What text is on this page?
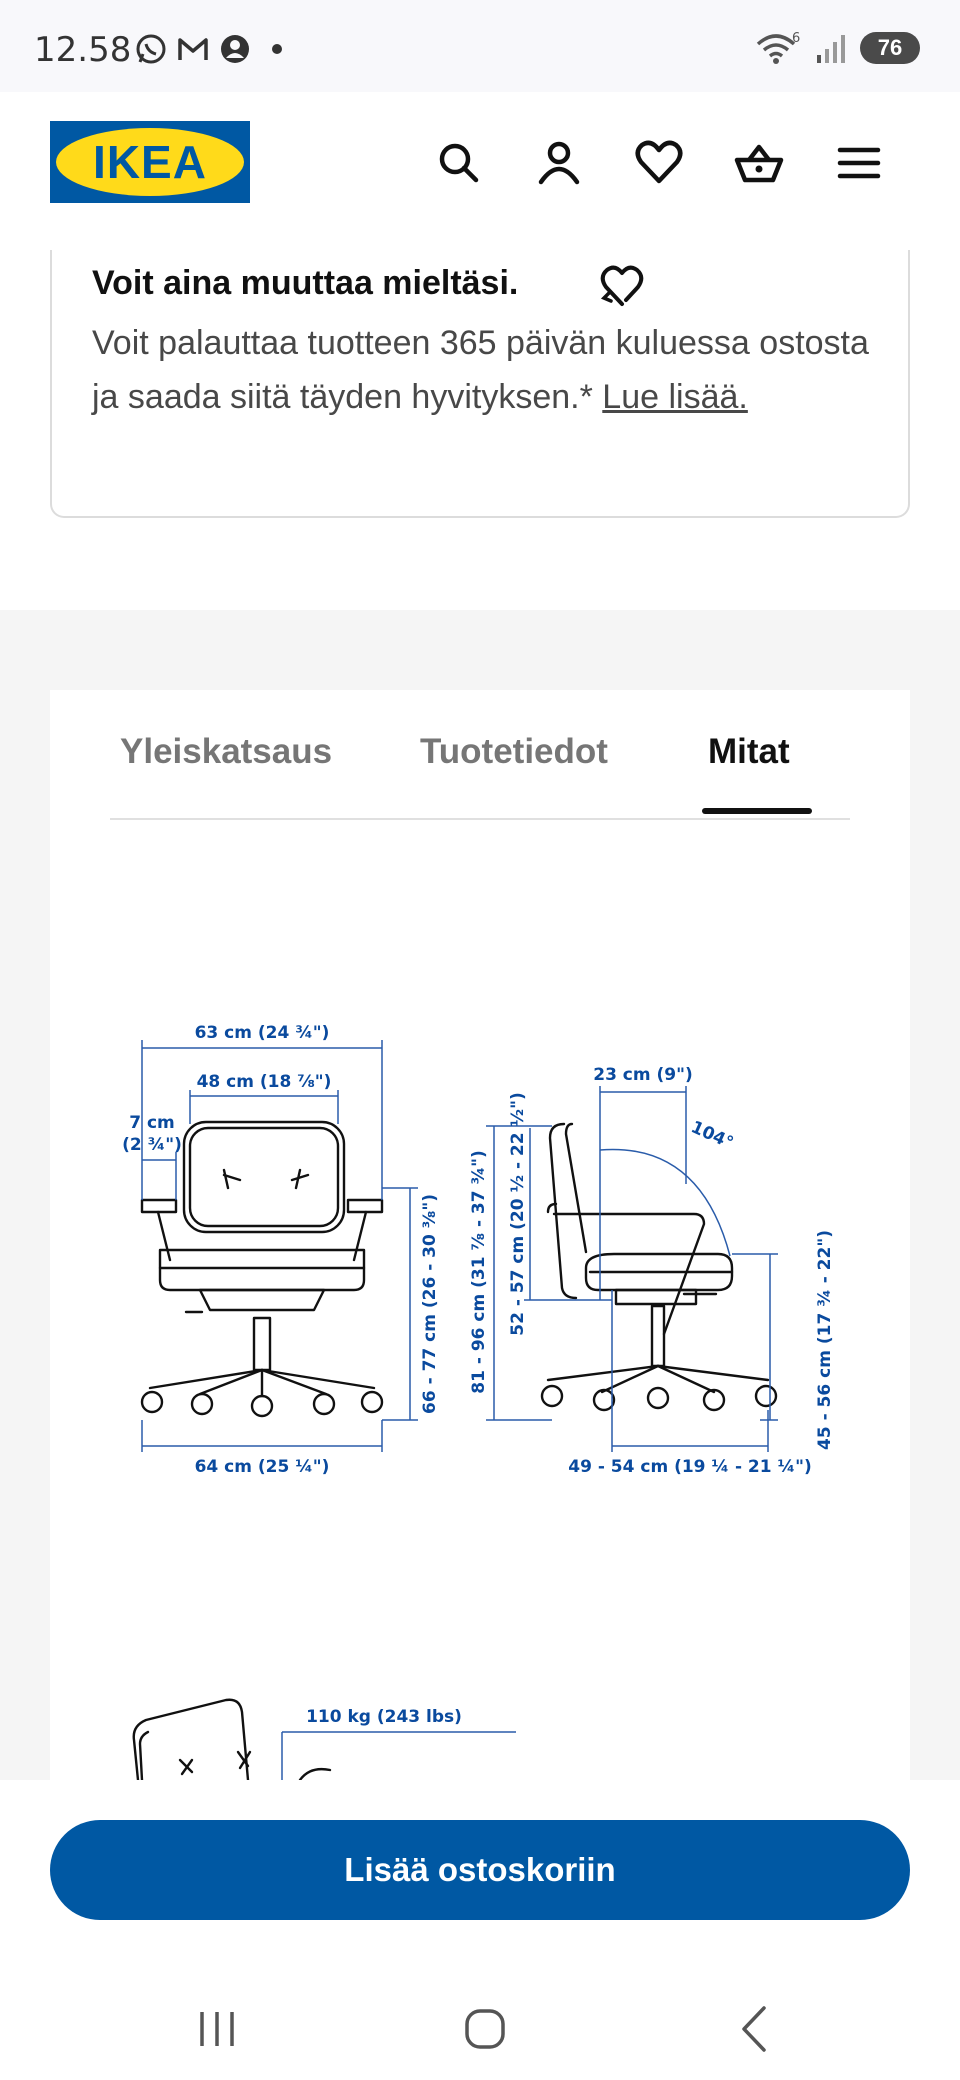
12.58	6	76
IKEA
Voit aina muuttaa mieltäsi.
Voit palauttaa tuotteen 365 päivän kuluessa ostosta ja saada siitä täyden hyvityksen.* Lue lisää.
Yleiskatsaus	Tuotetiedot	Mitat
63 cm (24 ¾")
48 cm (18 ⅞")
7 cm
(2 ¾")
66 - 77 cm (26 - 30 ⅜")
64 cm (25 ¼")
23 cm (9")
104°
81 - 96 cm (31 ⅞ - 37 ¾") 52 - 57 cm (20 ½ - 22 ½")
45 - 56 cm (17 ¾ - 22")
49 - 54 cm (19 ¼ - 21 ¼")
110 kg (243 lbs)
Lisää ostoskoriin
